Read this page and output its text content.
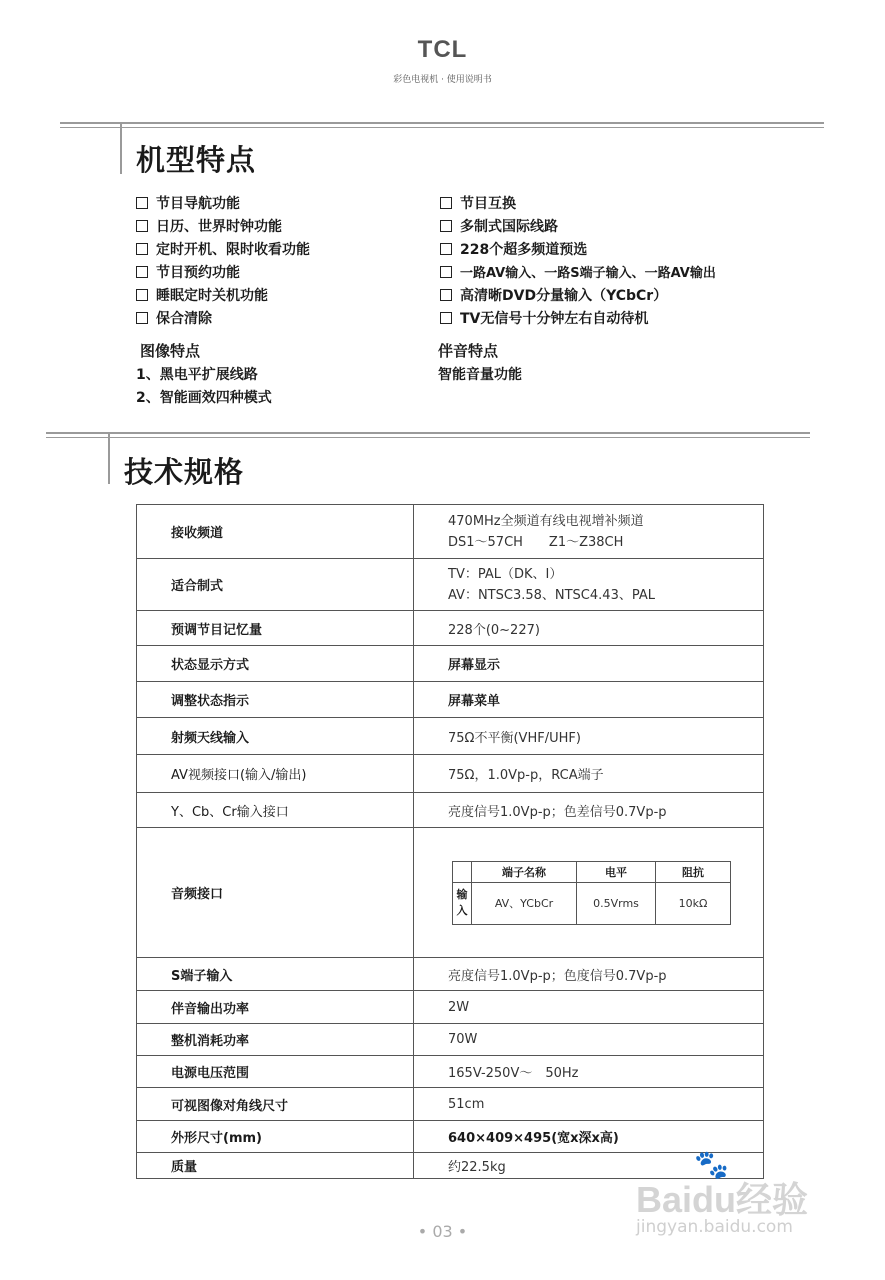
TCL
彩色电视机 · 使用说明书
机型特点
节目导航功能
日历、世界时钟功能
定时开机、限时收看功能
节目预约功能
睡眠定时关机功能
保合清除
节目互换
多制式国际线路
228个超多频道预选
一路AV输入、一路S端子输入、一路AV输出
高清晰DVD分量输入（YCbCr）
TV无信号十分钟左右自动待机
图像特点
1、黑电平扩展线路
2、智能画效四种模式
伴音特点
智能音量功能
技术规格
接收频道	
470MHz全频道有线电视增补频道
DS1～57CH　　Z1～Z38CH

适合制式	
TV：PAL（DK、I）
AV：NTSC3.58、NTSC4.43、PAL

预调节目记忆量	228个(0~227)
状态显示方式	屏幕显示
调整状态指示	屏幕菜单
射频天线输入	75Ω不平衡(VHF/UHF)
AV视频接口(输入/输出)	75Ω，1.0Vp-p，RCA端子
Y、Cb、Cr输入接口	亮度信号1.0Vp-p；色差信号0.7Vp-p
音频接口	
	端子名称	电平	阻抗
输入	AV、YCbCr	0.5Vrms	10kΩ

S端子输入	亮度信号1.0Vp-p；色度信号0.7Vp-p
伴音输出功率	2W
整机消耗功率	70W
电源电压范围	165V-250V～　50Hz
可视图像对角线尺寸	51cm
外形尺寸(mm)	640×409×495(宽x深x高)
质量	约22.5kg
• 03 •
🐾
Baidu经验
jingyan.baidu.com
